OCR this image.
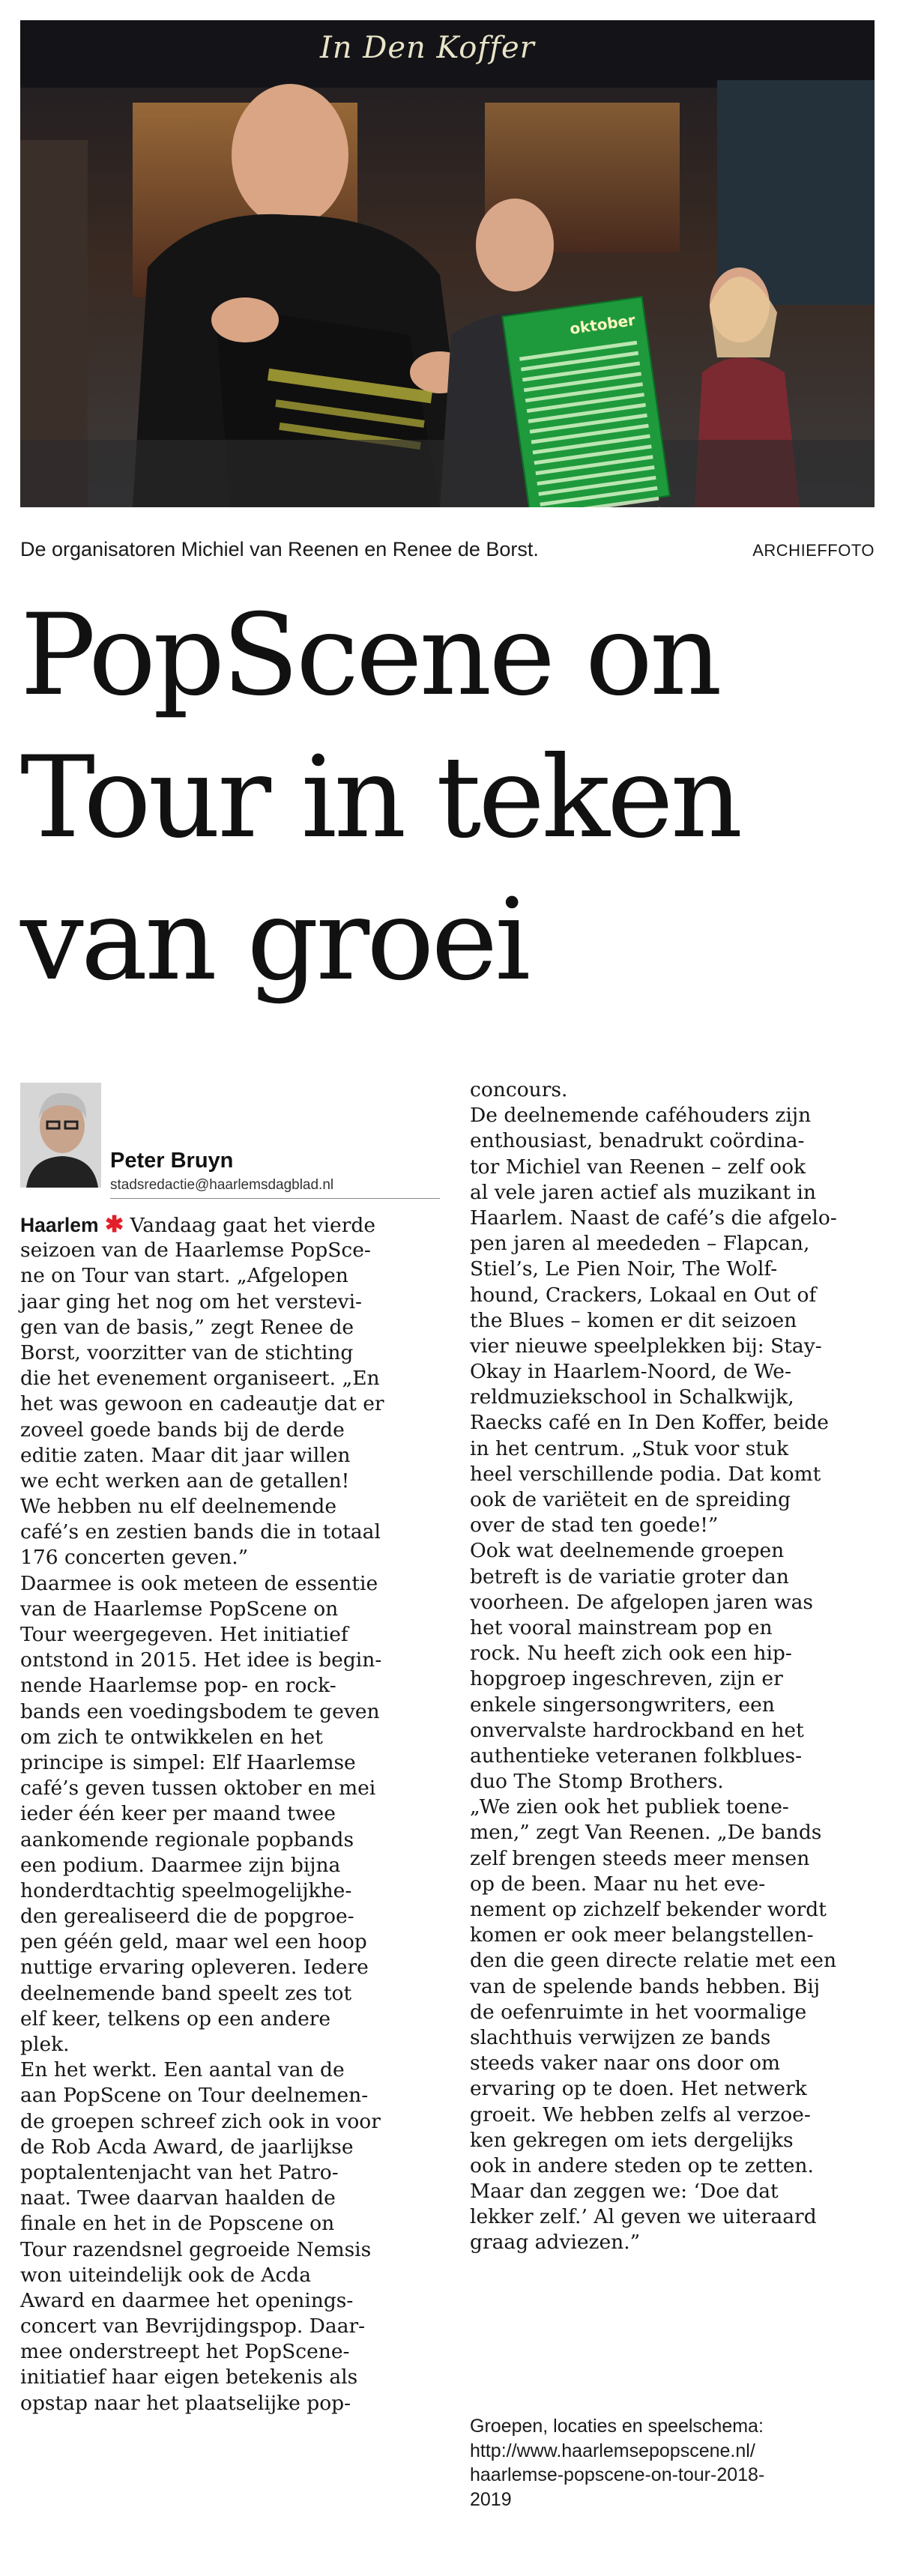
In Den Koffer
oktober
De organisatoren Michiel van Reenen en Renee de Borst.	ARCHIEFFOTO
PopScene on
Tour in teken
van groei
Peter Bruyn
stadsredactie@haarlemsdagblad.nl
Haarlem ✱ Vandaag gaat het vierde
seizoen van de Haarlemse PopSce-
ne on Tour van start. „Afgelopen
jaar ging het nog om het verstevi-
gen van de basis,” zegt Renee de
Borst, voorzitter van de stichting
die het evenement organiseert. „En
het was gewoon en cadeautje dat er
zoveel goede bands bij de derde
editie zaten. Maar dit jaar willen
we echt werken aan de getallen!
We hebben nu elf deelnemende
café’s en zestien bands die in totaal
176 concerten geven.”
Daarmee is ook meteen de essentie
van de Haarlemse PopScene on
Tour weergegeven. Het initiatief
ontstond in 2015. Het idee is begin-
nende Haarlemse pop- en rock-
bands een voedingsbodem te geven
om zich te ontwikkelen en het
principe is simpel: Elf Haarlemse
café’s geven tussen oktober en mei
ieder één keer per maand twee
aankomende regionale popbands
een podium. Daarmee zijn bijna
honderdtachtig speelmogelijkhe-
den gerealiseerd die de popgroe-
pen géén geld, maar wel een hoop
nuttige ervaring opleveren. Iedere
deelnemende band speelt zes tot
elf keer, telkens op een andere
plek.
En het werkt. Een aantal van de
aan PopScene on Tour deelnemen-
de groepen schreef zich ook in voor
de Rob Acda Award, de jaarlijkse
poptalentenjacht van het Patro-
naat. Twee daarvan haalden de
finale en het in de Popscene on
Tour razendsnel gegroeide Nemsis
won uiteindelijk ook de Acda
Award en daarmee het openings-
concert van Bevrijdingspop. Daar-
mee onderstreept het PopScene-
initiatief haar eigen betekenis als
opstap naar het plaatselijke pop-
concours.
De deelnemende caféhouders zijn
enthousiast, benadrukt coördina-
tor Michiel van Reenen – zelf ook
al vele jaren actief als muzikant in
Haarlem. Naast de café’s die afgelo-
pen jaren al meededen – Flapcan,
Stiel’s, Le Pien Noir, The Wolf-
hound, Crackers, Lokaal en Out of
the Blues – komen er dit seizoen
vier nieuwe speelplekken bij: Stay-
Okay in Haarlem-Noord, de We-
reldmuziekschool in Schalkwijk,
Raecks café en In Den Koffer, beide
in het centrum. „Stuk voor stuk
heel verschillende podia. Dat komt
ook de variëteit en de spreiding
over de stad ten goede!”
Ook wat deelnemende groepen
betreft is de variatie groter dan
voorheen. De afgelopen jaren was
het vooral mainstream pop en
rock. Nu heeft zich ook een hip-
hopgroep ingeschreven, zijn er
enkele singersongwriters, een
onvervalste hardrockband en het
authentieke veteranen folkblues-
duo The Stomp Brothers.
„We zien ook het publiek toene-
men,” zegt Van Reenen. „De bands
zelf brengen steeds meer mensen
op de been. Maar nu het eve-
nement op zichzelf bekender wordt
komen er ook meer belangstellen-
den die geen directe relatie met een
van de spelende bands hebben. Bij
de oefenruimte in het voormalige
slachthuis verwijzen ze bands
steeds vaker naar ons door om
ervaring op te doen. Het netwerk
groeit. We hebben zelfs al verzoe-
ken gekregen om iets dergelijks
ook in andere steden op te zetten.
Maar dan zeggen we: ‘Doe dat
lekker zelf.’ Al geven we uiteraard
graag adviezen.”
Groepen, locaties en speelschema:
http://www.haarlemsepopscene.nl/
haarlemse-popscene-on-tour-2018-
2019
